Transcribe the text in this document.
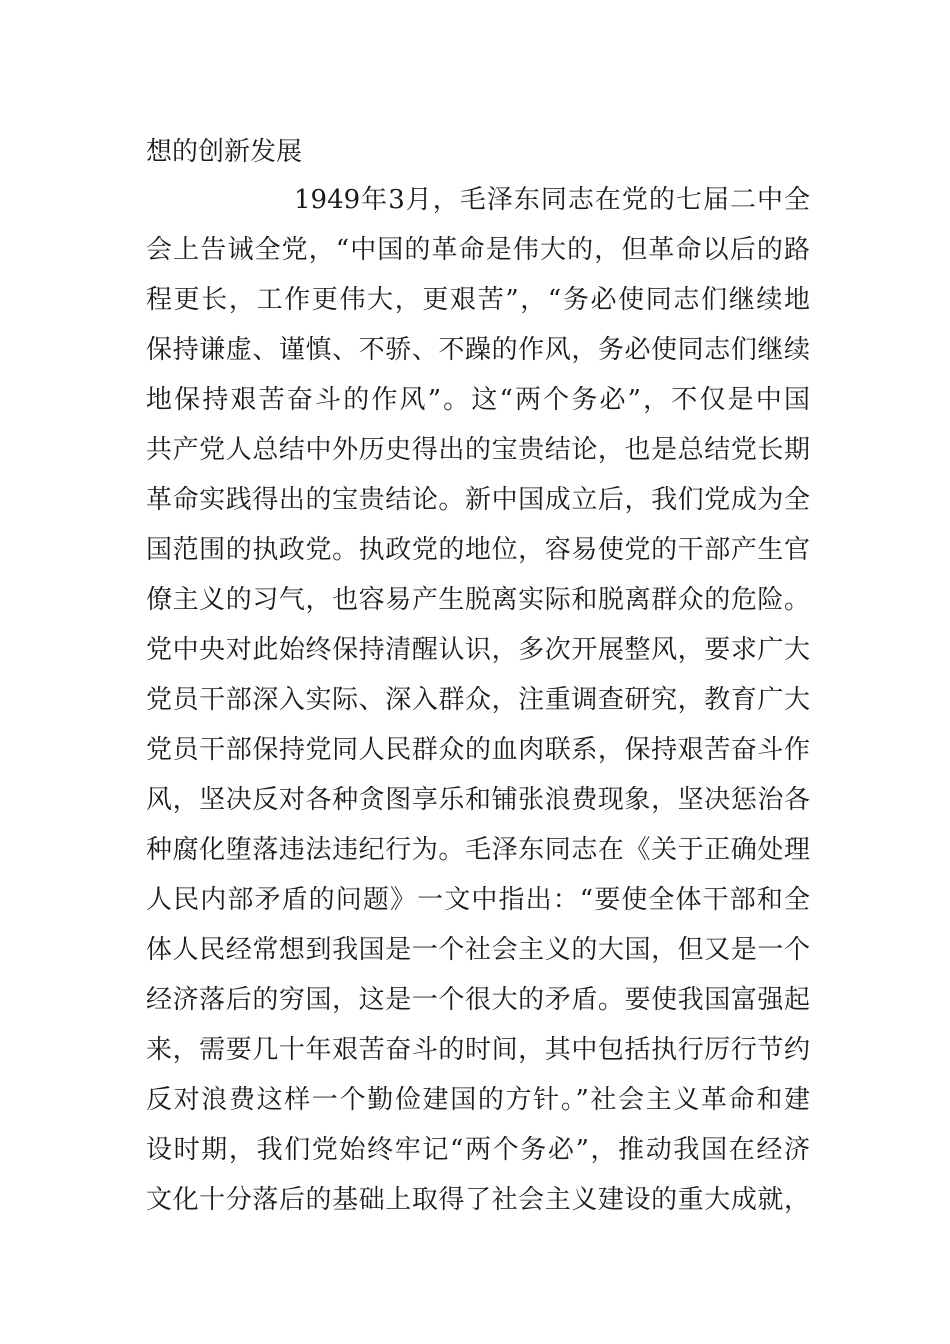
想的创新发展
1949年3月，毛泽东同志在党的七届二中全
会上告诫全党，“中国的革命是伟大的，但革命以后的路
程更长，工作更伟大，更艰苦”，“务必使同志们继续地
保持谦虚、谨慎、不骄、不躁的作风，务必使同志们继续
地保持艰苦奋斗的作风”。这“两个务必”，不仅是中国
共产党人总结中外历史得出的宝贵结论，也是总结党长期
革命实践得出的宝贵结论。新中国成立后，我们党成为全
国范围的执政党。执政党的地位，容易使党的干部产生官
僚主义的习气，也容易产生脱离实际和脱离群众的危险。
党中央对此始终保持清醒认识，多次开展整风，要求广大
党员干部深入实际、深入群众，注重调查研究，教育广大
党员干部保持党同人民群众的血肉联系，保持艰苦奋斗作
风，坚决反对各种贪图享乐和铺张浪费现象，坚决惩治各
种腐化堕落违法违纪行为。毛泽东同志在《关于正确处理
人民内部矛盾的问题》一文中指出：“要使全体干部和全
体人民经常想到我国是一个社会主义的大国，但又是一个
经济落后的穷国，这是一个很大的矛盾。要使我国富强起
来，需要几十年艰苦奋斗的时间，其中包括执行厉行节约
反对浪费这样一个勤俭建国的方针。”社会主义革命和建
设时期，我们党始终牢记“两个务必”，推动我国在经济
文化十分落后的基础上取得了社会主义建设的重大成就，
